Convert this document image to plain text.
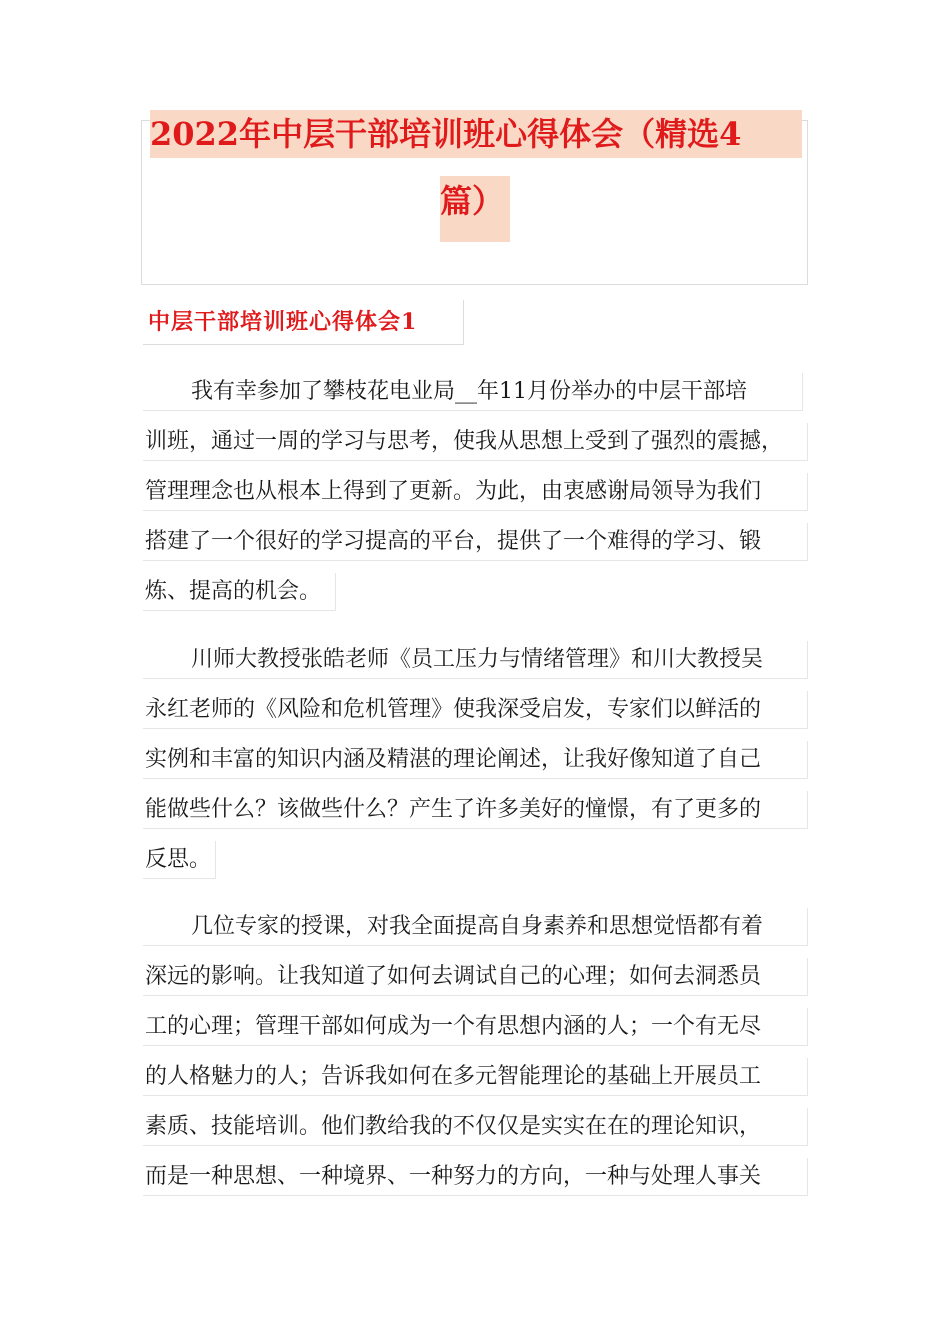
2022年中层干部培训班心得体会（精选4
篇）
中层干部培训班心得体会1
我有幸参加了攀枝花电业局__年11月份举办的中层干部培
训班，通过一周的学习与思考，使我从思想上受到了强烈的震撼，
管理理念也从根本上得到了更新。为此，由衷感谢局领导为我们
搭建了一个很好的学习提高的平台，提供了一个难得的学习、锻
炼、提高的机会。
川师大教授张皓老师《员工压力与情绪管理》和川大教授吴
永红老师的《风险和危机管理》使我深受启发，专家们以鲜活的
实例和丰富的知识内涵及精湛的理论阐述，让我好像知道了自己
能做些什么？该做些什么？产生了许多美好的憧憬，有了更多的
反思。
几位专家的授课，对我全面提高自身素养和思想觉悟都有着
深远的影响。让我知道了如何去调试自己的心理；如何去洞悉员
工的心理；管理干部如何成为一个有思想内涵的人；一个有无尽
的人格魅力的人；告诉我如何在多元智能理论的基础上开展员工
素质、技能培训。他们教给我的不仅仅是实实在在的理论知识，
而是一种思想、一种境界、一种努力的方向，一种与处理人事关
